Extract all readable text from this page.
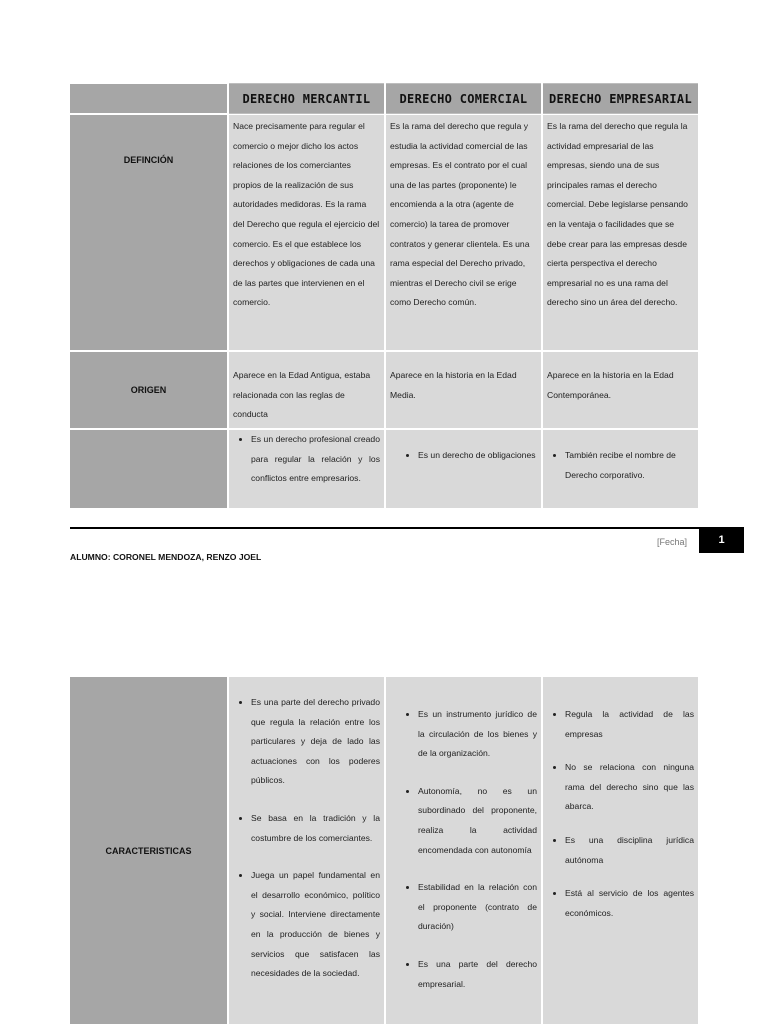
DERECHO MERCANTIL	DERECHO COMERCIAL	DERECHO EMPRESARIAL
DEFINCIÓN
Nace precisamente para regular el comercio o mejor dicho los actos relaciones de los comerciantes propios de la realización de sus autoridades medidoras. Es la rama del Derecho que regula el ejercicio del comercio. Es el que establece los derechos y obligaciones de cada una de las partes que intervienen en el comercio.
Es la rama del derecho que regula y estudia la actividad comercial de las empresas. Es el contrato por el cual una de las partes (proponente) le encomienda a la otra (agente de comercio) la tarea de promover contratos y generar clientela. Es una rama especial del Derecho privado, mientras el Derecho civil se erige como Derecho común.
Es la rama del derecho que regula la actividad empresarial de las empresas, siendo una de sus principales ramas el derecho comercial. Debe legislarse pensando en la ventaja o facilidades que se debe crear para las empresas desde cierta perspectiva el derecho empresarial no es una rama del derecho sino un área del derecho.
ORIGEN
Aparece en la Edad Antigua, estaba relacionada con las reglas de conducta
Aparece en la historia en la Edad Media.
Aparece en la historia en la Edad Contemporánea.
• Es un derecho profesional creado para regular la relación y los conflictos entre empresarios.
• Es un derecho de obligaciones
•	También recibe el nombre de Derecho corporativo.
[Fecha]	1
ALUMNO: CORONEL MENDOZA, RENZO JOEL
CARACTERISTICAS
• Es una parte del derecho privado que regula la relación entre los particulares y deja de lado las actuaciones con los poderes públicos.
• Se basa en la tradición y la costumbre de los comerciantes.
• Juega un papel fundamental en el desarrollo económico, político y social. Interviene directamente en la producción de bienes y servicios que satisfacen las necesidades de la sociedad.
• Es un instrumento jurídico de la circulación de los bienes y de la organización.
• Autonomía, no es un subordinado del proponente, realiza la actividad encomendada con autonomía
• Estabilidad en la relación con el proponente (contrato de duración)
• Es una parte del derecho empresarial.
• Regula la actividad de las empresas
• No se relaciona con ninguna rama del derecho sino que las abarca.
• Es una disciplina jurídica autónoma
• Está al servicio de los agentes económicos.
